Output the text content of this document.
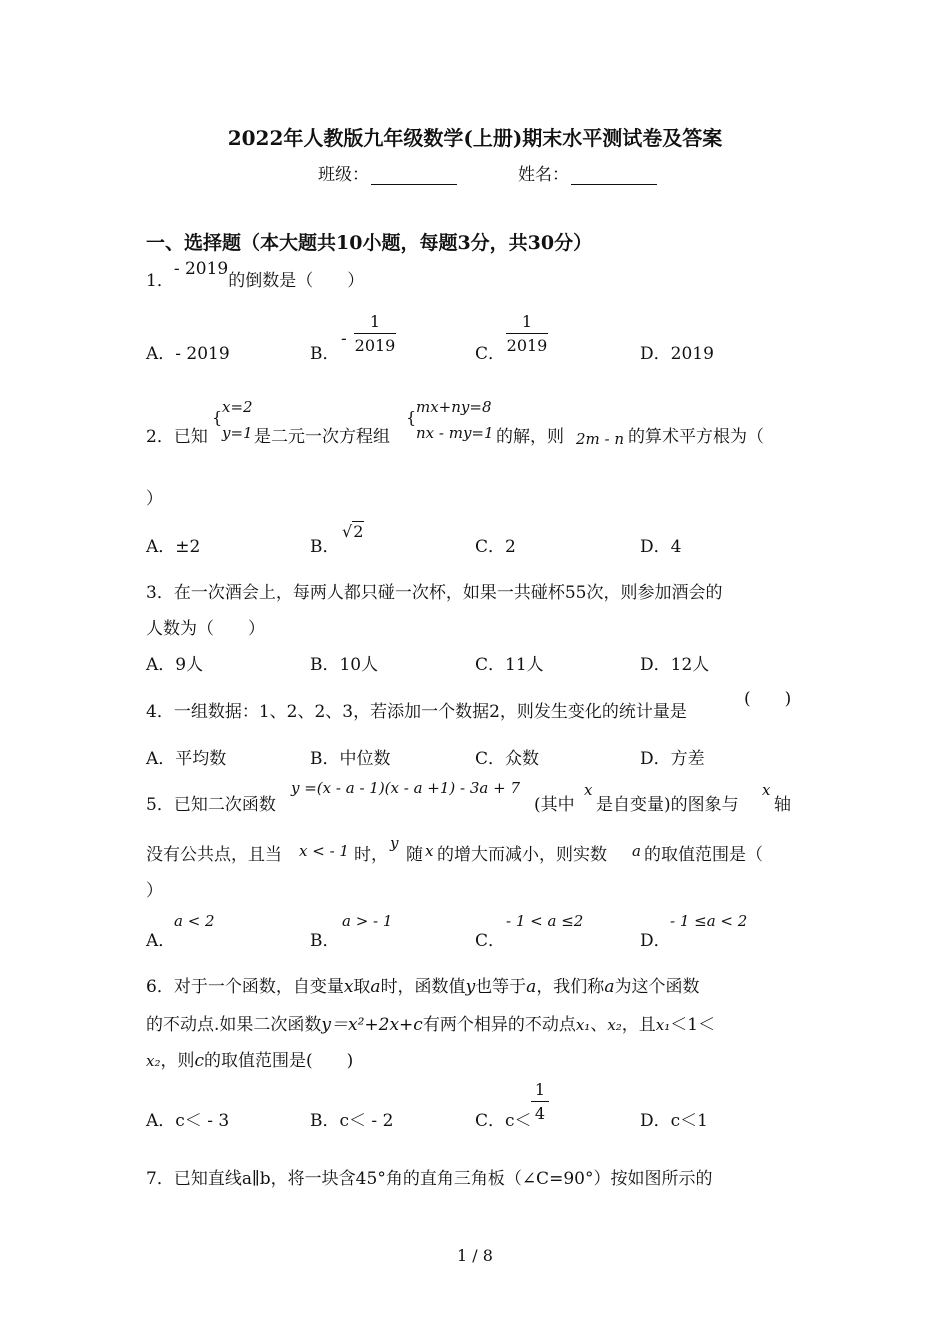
2022年人教版九年级数学(上册)期末水平测试卷及答案
班级：	姓名：
一、选择题（本大题共10小题，每题3分，共30分）
1．- 2019的倒数是（　　）
A．- 2019	B．
-
1
2019	C．
1
2019	D．2019
2．已知
{
x=2
y=1 是二元一次方程组
{
mx+ny=8
nx - my=1 的解，则 2m - n 的算术平方根为（
）
A．±2	B．
√2
C．2	D．4
3．在一次酒会上，每两人都只碰一次杯，如果一共碰杯55次，则参加酒会的
人数为（　　）
A．9人	B．10人	C．11人	D．12人
4．一组数据：1、2、2、3，若添加一个数据2，则发生变化的统计量是
(　　)
A．平均数	B．中位数	C．众数	D．方差
5．已知二次函数
y =(x - a - 1)(x - a +1) - 3a + 7
(其中
x
是自变量)的图象与
x
轴
没有公共点，且当 x < - 1 时，
y
随 x 的增大而减小，则实数 a 的取值范围是（
）
A．
a < 2
B．
a > - 1
C．
- 1 < a ≤2
D．
- 1 ≤a < 2
6．对于一个函数，自变量x取a时，函数值y也等于a，我们称a为这个函数
的不动点.如果二次函数y＝x²+2x+c有两个相异的不动点x₁、x₂，且x₁＜1＜
x₂，则c的取值范围是(　　)
A．c＜ - 3	B．c＜ - 2	C．c＜
1
4	D．c＜1
7．已知直线a∥b，将一块含45°角的直角三角板（∠C=90°）按如图所示的
1 / 8
